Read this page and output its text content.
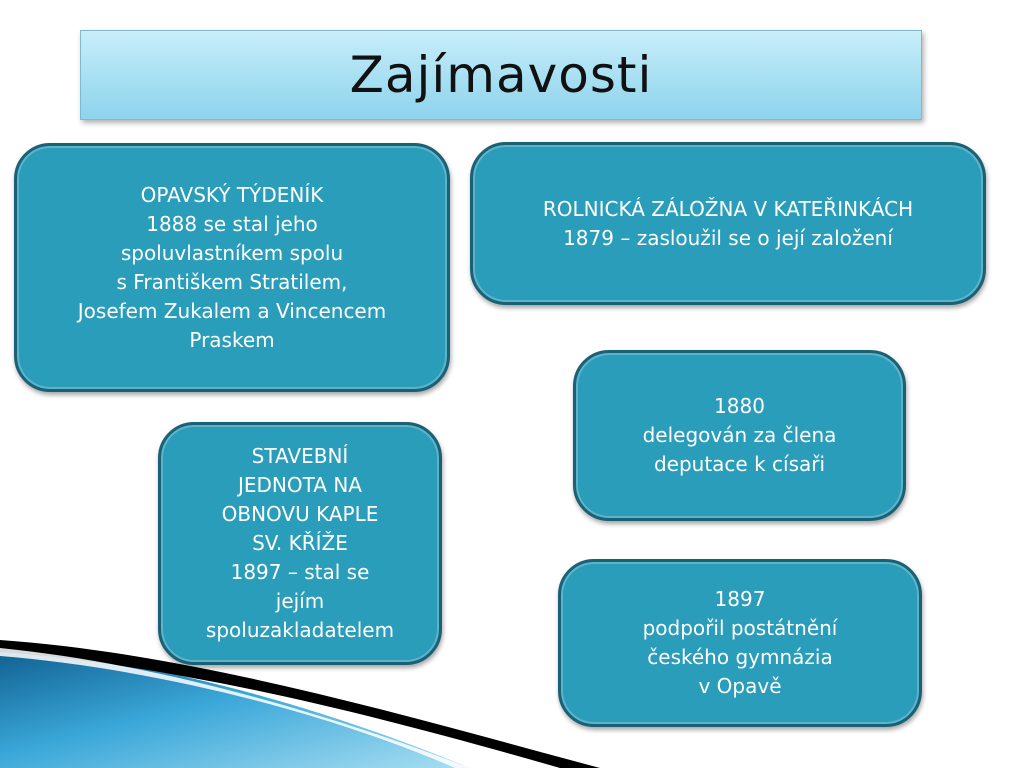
Zajímavosti
OPAVSKÝ TÝDENÍK
1888 se stal jeho
spoluvlastníkem spolu
s Františkem Stratilem,
Josefem Zukalem a Vincencem
Praskem
ROLNICKÁ ZÁLOŽNA V KATEŘINKÁCH
1879 – zasloužil se o její založení
STAVEBNÍ
JEDNOTA NA
OBNOVU KAPLE
SV. KŘÍŽE
1897 – stal se
jejím
spoluzakladatelem
1880
delegován za člena
deputace k císaři
1897
podpořil postátnění
českého gymnázia
v Opavě
